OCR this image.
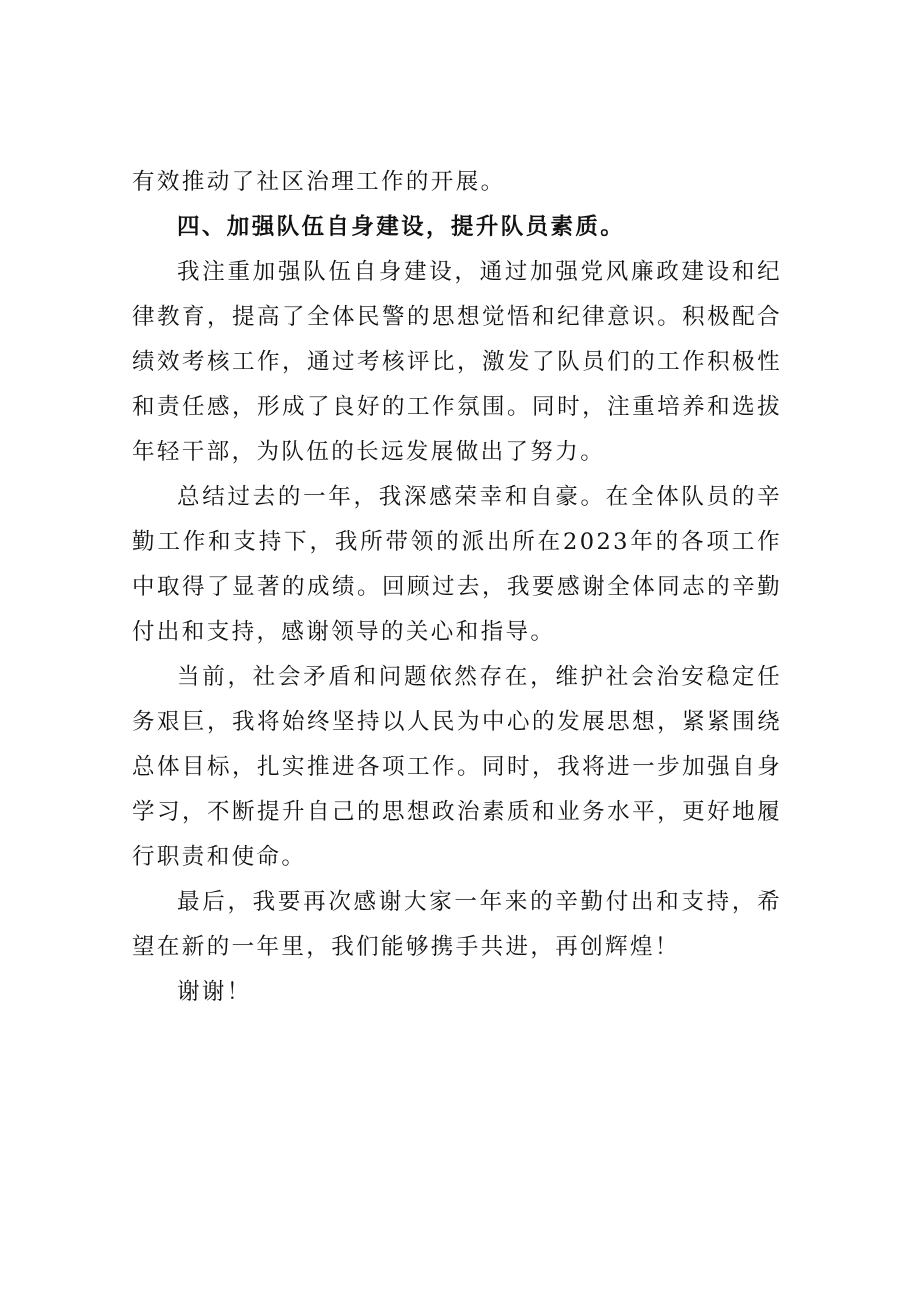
有效推动了社区治理工作的开展。

四、加强队伍自身建设，提升队员素质。

我注重加强队伍自身建设，通过加强党风廉政建设和纪律教育，提高了全体民警的思想觉悟和纪律意识。积极配合绩效考核工作，通过考核评比，激发了队员们的工作积极性和责任感，形成了良好的工作氛围。同时，注重培养和选拔年轻干部，为队伍的长远发展做出了努力。

总结过去的一年，我深感荣幸和自豪。在全体队员的辛勤工作和支持下，我所带领的派出所在2023年的各项工作中取得了显著的成绩。回顾过去，我要感谢全体同志的辛勤付出和支持，感谢领导的关心和指导。

当前，社会矛盾和问题依然存在，维护社会治安稳定任务艰巨，我将始终坚持以人民为中心的发展思想，紧紧围绕总体目标，扎实推进各项工作。同时，我将进一步加强自身学习，不断提升自己的思想政治素质和业务水平，更好地履行职责和使命。

最后，我要再次感谢大家一年来的辛勤付出和支持，希望在新的一年里，我们能够携手共进，再创辉煌！

谢谢！
